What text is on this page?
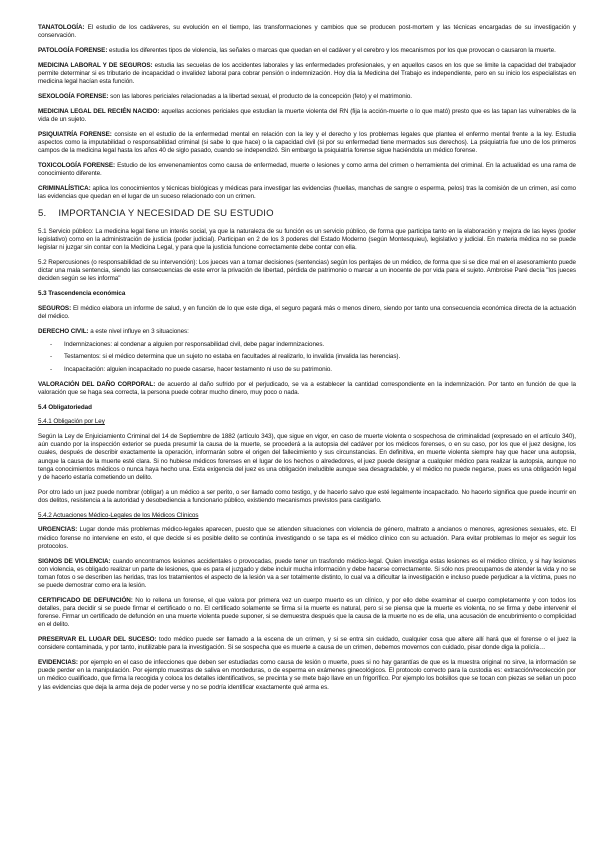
TANATOLOGÍA: El estudio de los cadáveres, su evolución en el tiempo, las transformaciones y cambios que se producen post-mortem y las técnicas encargadas de su investigación y conservación.

PATOLOGÍA FORENSE: estudia los diferentes tipos de violencia, las señales o marcas que quedan en el cadáver y el cerebro y los mecanismos por los que provocan o causaron la muerte.

MEDICINA LABORAL Y DE SEGUROS: estudia las secuelas de los accidentes laborales y las enfermedades profesionales, y en aquellos casos en los que se limite la capacidad del trabajador permite determinar si es tributario de incapacidad o invalidez laboral para cobrar pensión o indemnización. Hoy día la Medicina del Trabajo es independiente, pero en su inicio los especialistas en medicina legal hacían esta función.

SEXOLOGÍA FORENSE: son las labores periciales relacionadas a la libertad sexual, el producto de la concepción (feto) y el matrimonio.

MEDICINA LEGAL DEL RECIÉN NACIDO: aquellas acciones periciales que estudian la muerte violenta del RN (fija la acción-muerte o lo que mató) presto que es las tapan las vulnerables de la vida de un sujeto.

PSIQUIATRÍA FORENSE: consiste en el estudio de la enfermedad mental en relación con la ley y el derecho y los problemas legales que plantea el enfermo mental frente a la ley. Estudia aspectos como la imputabilidad o responsabilidad criminal (si sabe lo que hace) o la capacidad civil (si por su enfermedad tiene mermados sus derechos). La psiquiatría fue uno de los primeros campos de la medicina legal hasta los años 40 de siglo pasado, cuando se independizó. Sin embargo la psiquiatría forense sigue haciéndola un médico forense.

TOXICOLOGÍA FORENSE: Estudio de los envenenamientos como causa de enfermedad, muerte o lesiones y como arma del crimen o herramienta del criminal. En la actualidad es una rama de conocimiento diferente.

CRIMINALÍSTICA: aplica los conocimientos y técnicas biológicas y médicas para investigar las evidencias (huellas, manchas de sangre o esperma, pelos) tras la comisión de un crimen, así como las evidencias que quedan en el lugar de un suceso relacionado con un crimen.

5. IMPORTANCIA Y NECESIDAD DE SU ESTUDIO

5.1 Servicio público: La medicina legal tiene un interés social, ya que la naturaleza de su función es un servicio público, de forma que participa tanto en la elaboración y mejora de las leyes (poder legislativo) como en la administración de justicia (poder judicial). Participan en 2 de los 3 poderes del Estado Moderno (según Montesquieu), legislativo y judicial. En materia médica no se puede legislar ni juzgar sin contar con la Medicina Legal, y para que la justicia funcione correctamente debe contar con ella.

5.2 Repercusiones (o responsabilidad de su intervención): Los jueces van a tomar decisiones (sentencias) según los peritajes de un médico, de forma que si se dice mal en el asesoramiento puede dictar una mala sentencia, siendo las consecuencias de este error la privación de libertad, pérdida de patrimonio o marcar a un inocente de por vida para el sujeto. Ambroise Paré decía "los jueces deciden según se les informa"

5.3 Trascendencia económica

SEGUROS: El médico elabora un informe de salud, y en función de lo que este diga, el seguro pagará más o menos dinero, siendo por tanto una consecuencia económica directa de la actuación del médico.

DERECHO CIVIL: a este nivel influye en 3 situaciones:

- Indemnizaciones: al condenar a alguien por responsabilidad civil, debe pagar indemnizaciones.
- Testamentos: si el médico determina que un sujeto no estaba en facultades al realizarlo, lo invalida (invalida las herencias).
- Incapacitación: alguien incapacitado no puede casarse, hacer testamento ni uso de su patrimonio.

VALORACIÓN DEL DAÑO CORPORAL: de acuerdo al daño sufrido por el perjudicado, se va a establecer la cantidad correspondiente en la indemnización. Por tanto en función de que la valoración que se haga sea correcta, la persona puede cobrar mucho dinero, muy poco o nada.

5.4 Obligatoriedad
5.4.1 Obligación por Ley

Según la Ley de Enjuiciamiento Criminal del 14 de Septiembre de 1882 (artículo 343), que sigue en vigor, en caso de muerte violenta o sospechosa de criminalidad (expresado en el artículo 340), aún cuando por la inspección exterior se pueda presumir la causa de la muerte, se procederá a la autopsia del cadáver por los médicos forenses, o en su caso, por los que el juez designe, los cuales, después de describir exactamente la operación, informarán sobre el origen del fallecimiento y sus circunstancias. En definitiva, en muerte violenta siempre hay que hacer una autopsia, aunque la causa de la muerte esté clara. Si no hubiese médicos forenses en el lugar de los hechos o alrededores, el juez puede designar a cualquier médico para realizar la autopsia, aunque no tenga conocimientos médicos o nunca haya hecho una. Esta exigencia del juez es una obligación ineludible aunque sea desagradable, y el médico no puede negarse, pues es una obligación legal y de hacerlo estaría cometiendo un delito.

Por otro lado un juez puede nombrar (obligar) a un médico a ser perito, o ser llamado como testigo, y de hacerlo salvo que esté legalmente incapacitado. No hacerlo significa que puede incurrir en dos delitos, resistencia a la autoridad y desobediencia a funcionario público, existiendo mecanismos previstos para castigarlo.

5.4.2 Actuaciones Médico-Legales de los Médicos Clínicos

URGENCIAS: Lugar donde más problemas médico-legales aparecen, puesto que se atienden situaciones con violencia de género, maltrato a ancianos o menores, agresiones sexuales, etc. El médico forense no interviene en esto, el que decide si es posible delito se continúa investigando o se tapa es el médico clínico con su actuación. Para evitar problemas lo mejor es seguir los protocolos.

SIGNOS DE VIOLENCIA: cuando encontramos lesiones accidentales o provocadas, puede tener un trasfondo médico-legal. Quien investiga estas lesiones es el médico clínico, y si hay lesiones con violencia, es obligado realizar un parte de lesiones, que es para el juzgado y debe incluir mucha información y debe hacerse correctamente. Si sólo nos preocupamos de atender la vida y no se toman fotos o se describen las heridas, tras los tratamientos el aspecto de la lesión va a ser totalmente distinto, lo cual va a dificultar la investigación e incluso puede perjudicar a la víctima, pues no se puede demostrar como era la lesión.

CERTIFICADO DE DEFUNCIÓN: No lo rellena un forense, el que valora por primera vez un cuerpo muerto es un clínico, y por ello debe examinar el cuerpo completamente y con todos los detalles, para decidir si se puede firmar el certificado o no. El certificado solamente se firma si la muerte es natural, pero si se piensa que la muerte es violenta, no se firma y debe intervenir el forense. Firmar un certificado de defunción en una muerte violenta puede suponer, si se demuestra después que la causa de la muerte no es de ella, una acusación de encubrimiento o complicidad en el delito.

PRESERVAR EL LUGAR DEL SUCESO: todo médico puede ser llamado a la escena de un crimen, y si se entra sin cuidado, cualquier cosa que altere allí hará que el forense o el juez la considere contaminada, y por tanto, inutilizable para la investigación. Si se sospecha que es muerte a causa de un crimen, debemos movernos con cuidado, pisar donde diga la policía…

EVIDENCIAS: por ejemplo en el caso de infecciones que deben ser estudiadas como causa de lesión o muerte, pues si no hay garantías de que es la muestra original no sirve, la información se puede perder en la manipulación. Por ejemplo muestras de saliva en mordeduras, o de esperma en exámenes ginecológicos. El protocolo correcto para la custodia es: extracción/recolección por un médico cualificado, que firma la recogida y coloca los detalles identificativos, se precinta y se mete bajo llave en un frigorífico. Por ejemplo los bolsillos que se tocan con piezas se sellan un poco y las evidencias que deja la arma deja de poder verse y no se podría identificar exactamente qué arma es.
